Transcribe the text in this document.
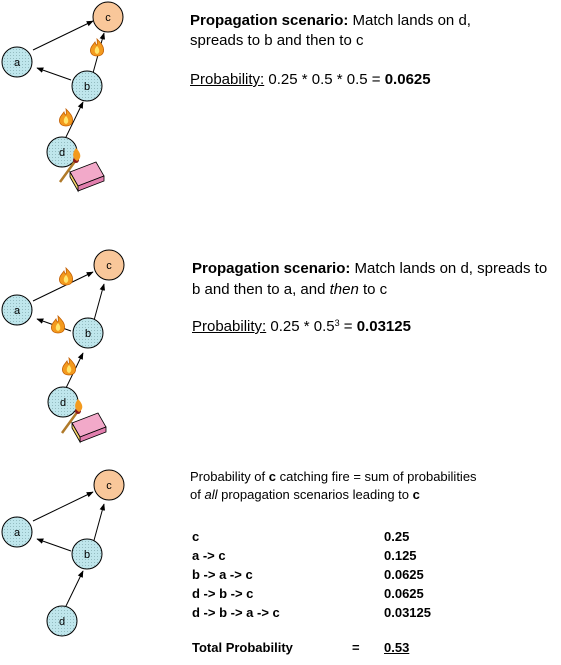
a
b
c
d
a
b
c
d
a
b
c
d

Propagation scenario: Match lands on d, spreads to b and then to c

Probability: 0.25 * 0.5 * 0.5 = 0.0625

Propagation scenario: Match lands on d, spreads to b and then to a, and then to c

Probability: $0.25 * 0.5^3 = 0.03125$

Probability of c catching fire = sum of probabilities

of all propagation scenarios leading to c

c	0.25
a -> c	0.125
b -> a -> c	0.0625
d -> b -> c	0.0625
d -> b -> a -> c	0.03125
Total Probability	=	0.53
